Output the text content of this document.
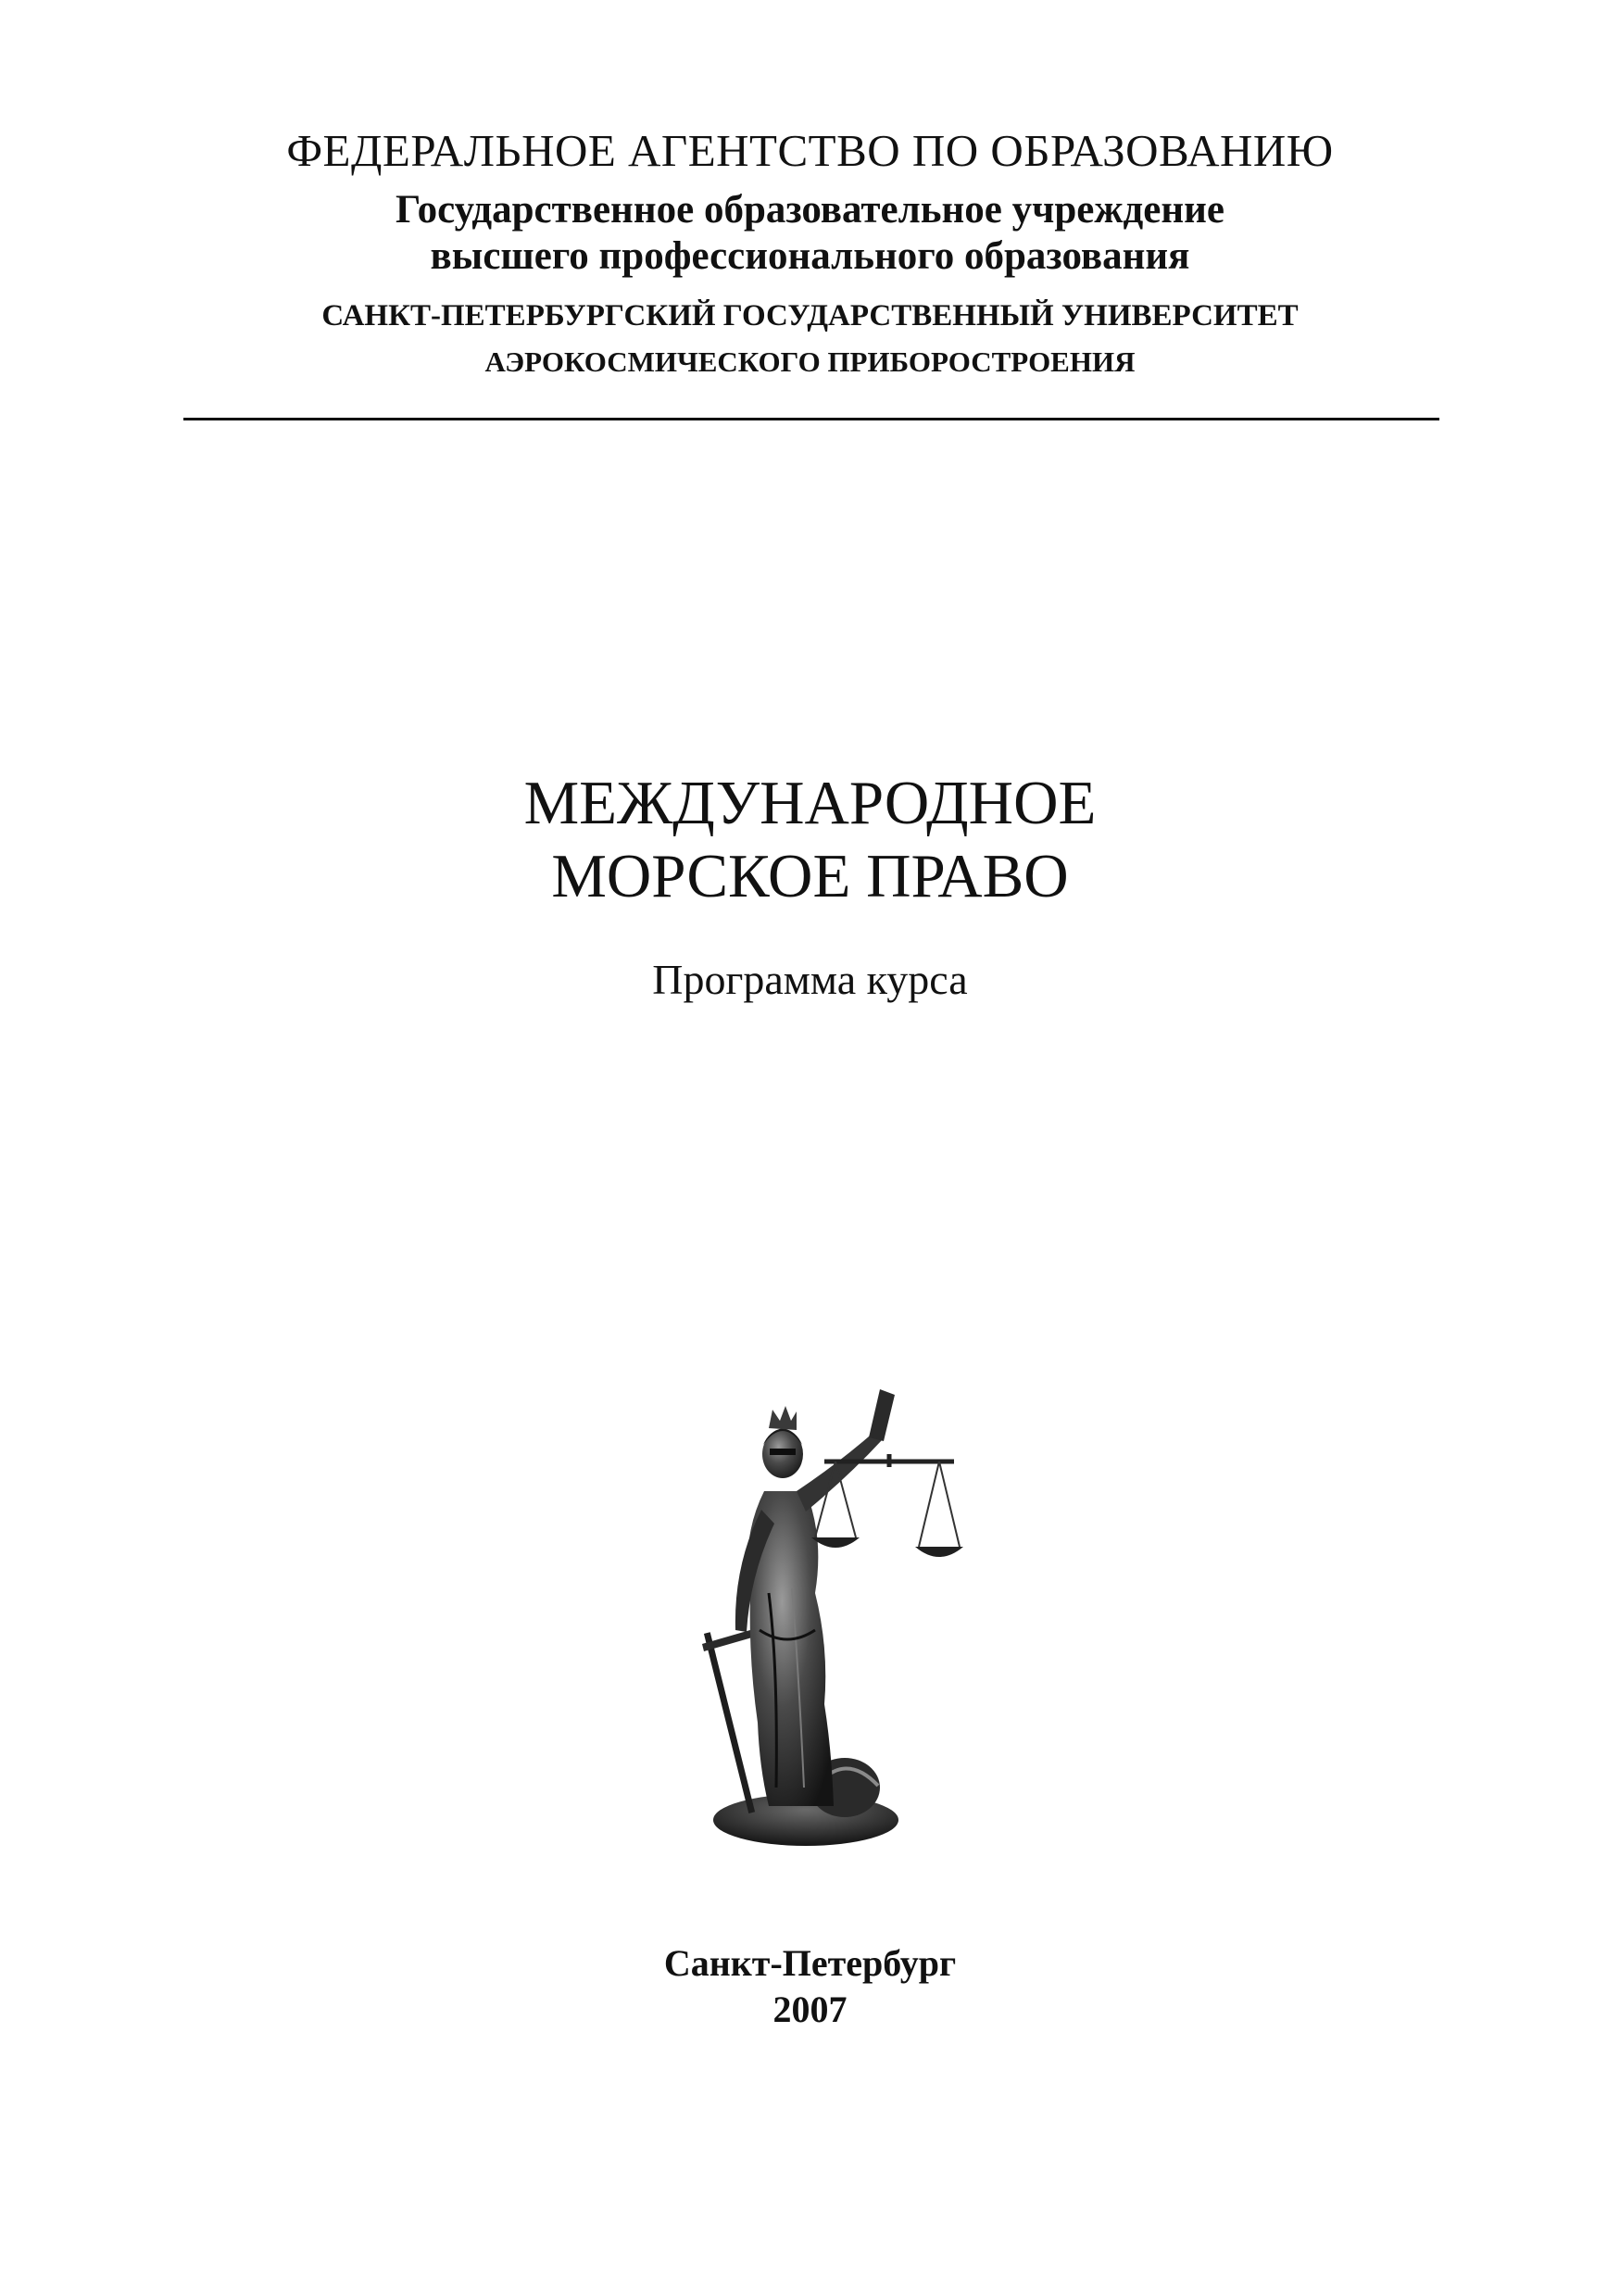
ФЕДЕРАЛЬНОЕ АГЕНТСТВО ПО ОБРАЗОВАНИЮ
Государственное образовательное учреждение
высшего профессионального образования
САНКТ-ПЕТЕРБУРГСКИЙ ГОСУДАРСТВЕННЫЙ УНИВЕРСИТЕТ
АЭРОКОСМИЧЕСКОГО ПРИБОРОСТРОЕНИЯ
МЕЖДУНАРОДНОЕ
МОРСКОЕ ПРАВО
Программа курса
Санкт-Петербург
2007
